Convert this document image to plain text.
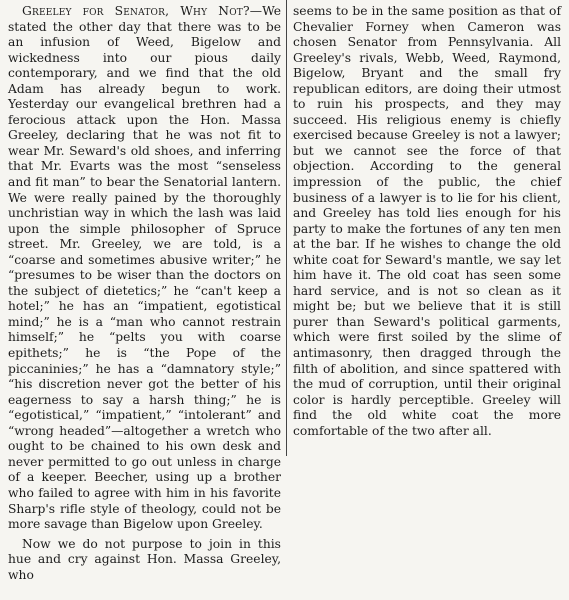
Greeley for Senator, Why Not?—We stated the other day that there was to be an infusion of Weed, Bigelow and wickedness into our pious daily contemporary, and we find that the old Adam has already begun to work. Yesterday our evangelical brethren had a ferocious attack upon the Hon. Massa Greeley, declaring that he was not fit to wear Mr. Seward's old shoes, and inferring that Mr. Evarts was the most “senseless and fit man” to bear the Senatorial lantern. We were really pained by the thoroughly unchristian way in which the lash was laid upon the simple philosopher of Spruce street. Mr. Greeley, we are told, is a “coarse and sometimes abusive writer;” he “presumes to be wiser than the doctors on the subject of dietetics;” he “can't keep a hotel;” he has an “impatient, egotistical mind;” he is a “man who cannot restrain himself;” he “pelts you with coarse epithets;” he is “the Pope of the piccaninies;” he has a “damnatory style;” “his discretion never got the better of his eagerness to say a harsh thing;” he is “egotistical,” “impatient,” “intolerant” and “wrong headed”—altogether a wretch who ought to be chained to his own desk and never permitted to go out unless in charge of a keeper. Beecher, using up a brother who failed to agree with him in his favorite Sharp's rifle style of theology, could not be more savage than Bigelow upon Greeley.

Now we do not purpose to join in this hue and cry against Hon. Massa Greeley, who

seems to be in the same position as that of Chevalier Forney when Cameron was chosen Senator from Pennsylvania. All Greeley's rivals, Webb, Weed, Raymond, Bigelow, Bryant and the small fry republican editors, are doing their utmost to ruin his prospects, and they may succeed. His religious enemy is chiefly exercised because Greeley is not a lawyer; but we cannot see the force of that objection. According to the general impression of the public, the chief business of a lawyer is to lie for his client, and Greeley has told lies enough for his party to make the fortunes of any ten men at the bar. If he wishes to change the old white coat for Seward's mantle, we say let him have it. The old coat has seen some hard service, and is not so clean as it might be; but we believe that it is still purer than Seward's political garments, which were first soiled by the slime of antimasonry, then dragged through the filth of abolition, and since spattered with the mud of corruption, until their original color is hardly perceptible. Greeley will find the old white coat the more comfortable of the two after all.
